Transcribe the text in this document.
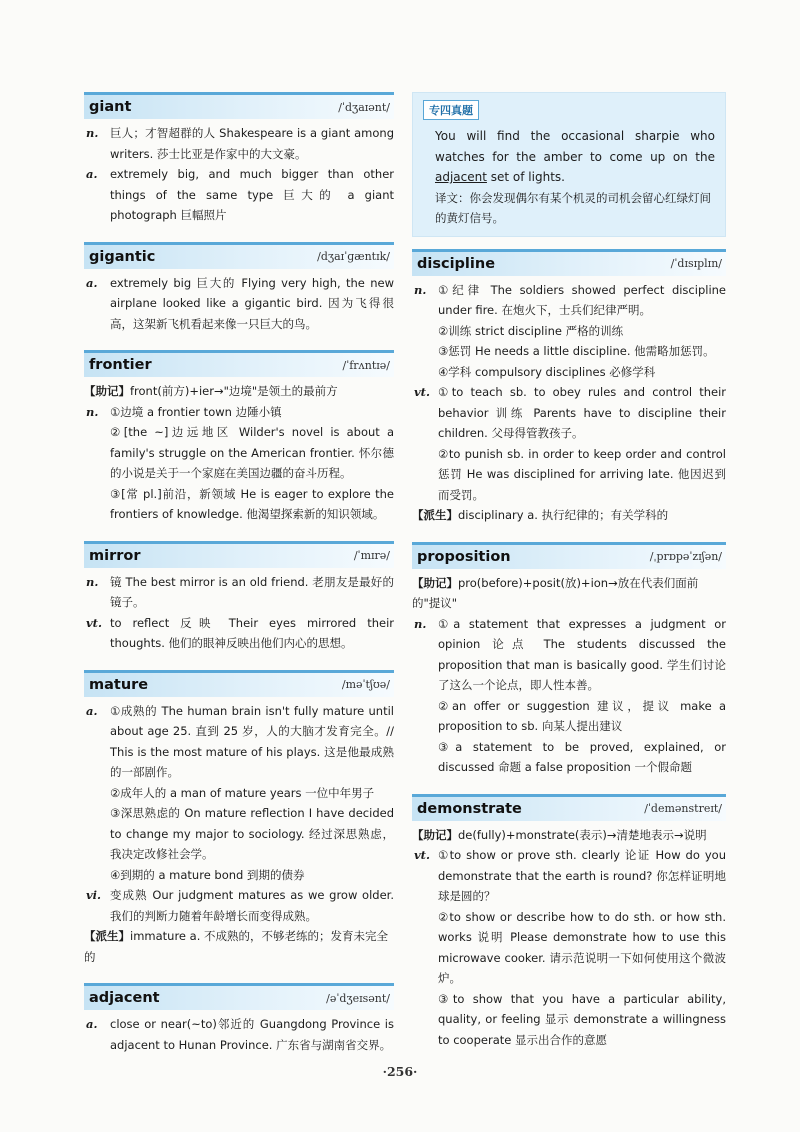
giant	/ˈdʒaɪənt/

n. 巨人；才智超群的人 Shakespeare is a giant among writers. 莎士比亚是作家中的大文豪。

a. extremely big, and much bigger than other things of the same type 巨大的 a giant photograph 巨幅照片

gigantic	/dʒaɪˈɡæntɪk/

a. extremely big 巨大的 Flying very high, the new airplane looked like a gigantic bird. 因为飞得很高，这架新飞机看起来像一只巨大的鸟。

frontier	/ˈfrʌntɪə/

【助记】front(前方)+ier→"边境"是领土的最前方

n. ①边境 a frontier town 边陲小镇

②[the ~]边远地区 Wilder's novel is about a family's struggle on the American frontier. 怀尔德的小说是关于一个家庭在美国边疆的奋斗历程。

③[常 pl.]前沿，新领域 He is eager to explore the frontiers of knowledge. 他渴望探索新的知识领域。

mirror	/ˈmɪrə/

n. 镜 The best mirror is an old friend. 老朋友是最好的镜子。

vt. to reflect 反映 Their eyes mirrored their thoughts. 他们的眼神反映出他们内心的思想。

mature	/məˈtʃʊə/

a. ①成熟的 The human brain isn't fully mature until about age 25. 直到 25 岁，人的大脑才发育完全。// This is the most mature of his plays. 这是他最成熟的一部剧作。

②成年人的 a man of mature years 一位中年男子

③深思熟虑的 On mature reflection I have decided to change my major to sociology. 经过深思熟虑，我决定改修社会学。

④到期的 a mature bond 到期的债券

vi. 变成熟 Our judgment matures as we grow older. 我们的判断力随着年龄增长而变得成熟。

【派生】immature a. 不成熟的，不够老练的；发育未完全的

adjacent	/əˈdʒeɪsənt/

a. close or near(~to)邻近的 Guangdong Province is adjacent to Hunan Province. 广东省与湖南省交界。

专四真题
You will find the occasional sharpie who watches for the amber to come up on the adjacent set of lights.
译文：你会发现偶尔有某个机灵的司机会留心红绿灯间的黄灯信号。
discipline	/ˈdɪsɪplɪn/

n. ①纪律 The soldiers showed perfect discipline under fire. 在炮火下，士兵们纪律严明。

②训练 strict discipline 严格的训练

③惩罚 He needs a little discipline. 他需略加惩罚。

④学科 compulsory disciplines 必修学科

vt. ①to teach sb. to obey rules and control their behavior 训练 Parents have to discipline their children. 父母得管教孩子。

②to punish sb. in order to keep order and control 惩罚 He was disciplined for arriving late. 他因迟到而受罚。

【派生】disciplinary a. 执行纪律的；有关学科的

proposition	/ˌprɒpəˈzɪʃən/

【助记】pro(before)+posit(放)+ion→放在代表们面前的"提议"

n. ①a statement that expresses a judgment or opinion 论点 The students discussed the proposition that man is basically good. 学生们讨论了这么一个论点，即人性本善。

②an offer or suggestion 建议，提议 make a proposition to sb. 向某人提出建议

③a statement to be proved, explained, or discussed 命题 a false proposition 一个假命题

demonstrate	/ˈdemənstreɪt/

【助记】de(fully)+monstrate(表示)→清楚地表示→说明

vt. ①to show or prove sth. clearly 论证 How do you demonstrate that the earth is round? 你怎样证明地球是圆的？

②to show or describe how to do sth. or how sth. works 说明 Please demonstrate how to use this microwave cooker. 请示范说明一下如何使用这个微波炉。

③to show that you have a particular ability, quality, or feeling 显示 demonstrate a willingness to cooperate 显示出合作的意愿

·256·
